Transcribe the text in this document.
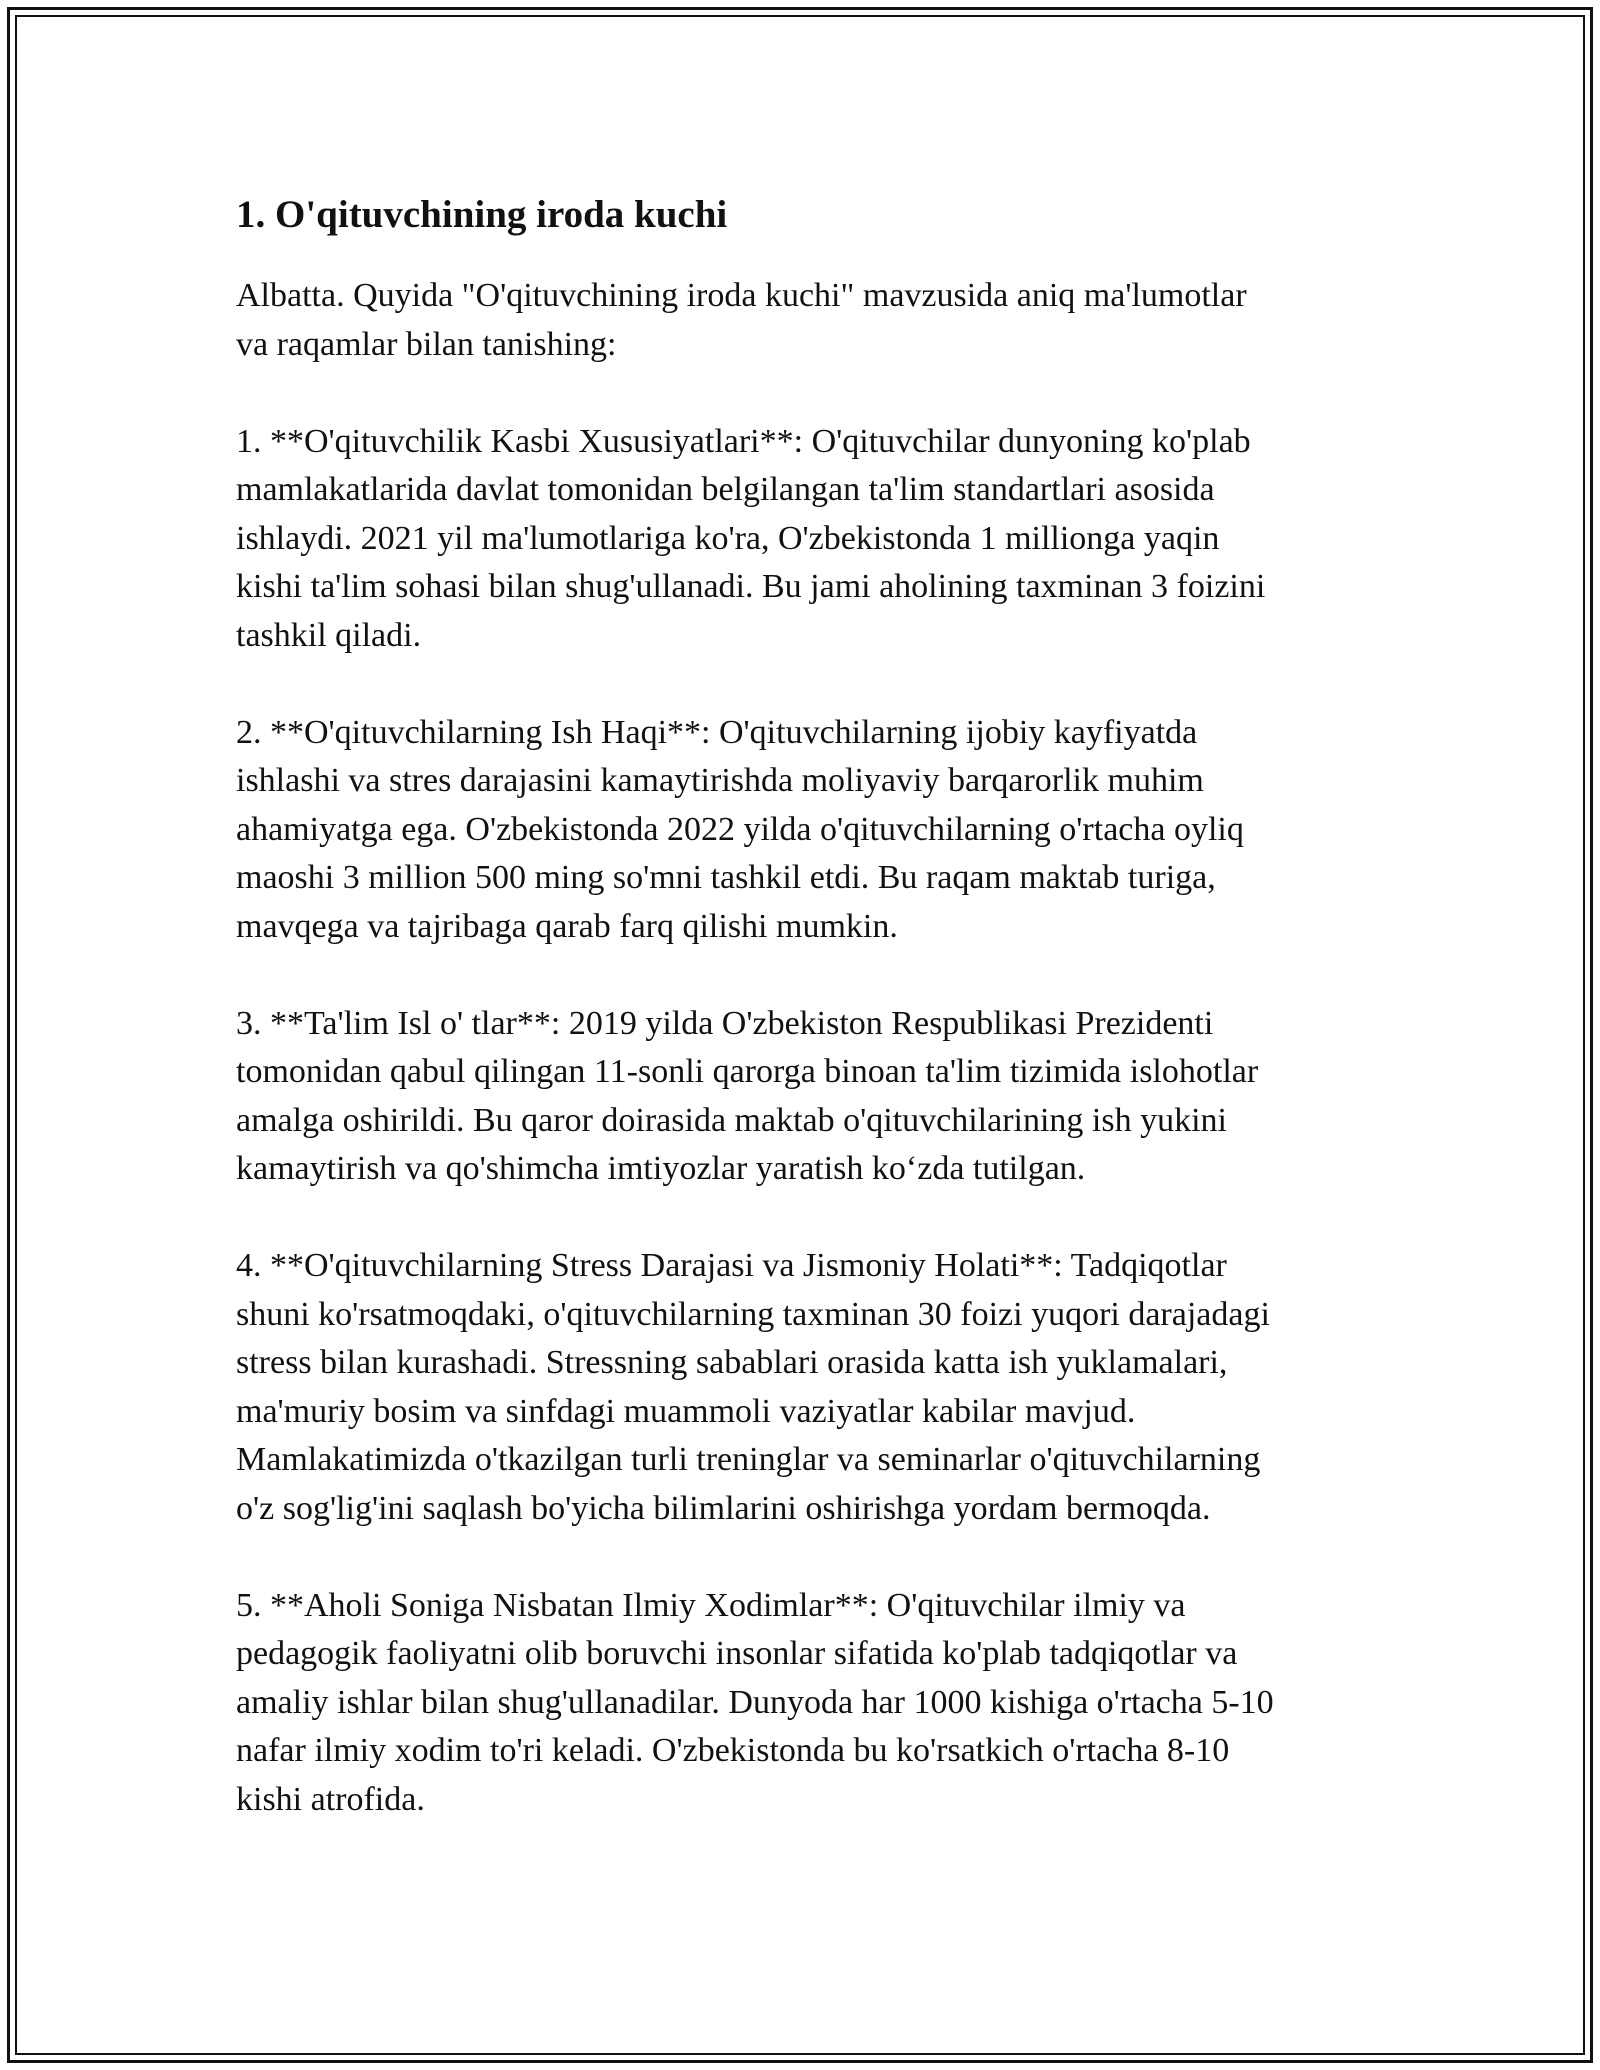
1. O'qituvchining iroda kuchi

Albatta. Quyida "O'qituvchining iroda kuchi" mavzusida aniq ma'lumotlar
va raqamlar bilan tanishing:

1. **O'qituvchilik Kasbi Xususiyatlari**: O'qituvchilar dunyoning ko'plab
mamlakatlarida davlat tomonidan belgilangan ta'lim standartlari asosida
ishlaydi. 2021 yil ma'lumotlariga ko'ra, O'zbekistonda 1 millionga yaqin
kishi ta'lim sohasi bilan shug'ullanadi. Bu jami aholining taxminan 3 foizini
tashkil qiladi.

2. **O'qituvchilarning Ish Haqi**: O'qituvchilarning ijobiy kayfiyatda
ishlashi va stres darajasini kamaytirishda moliyaviy barqarorlik muhim
ahamiyatga ega. O'zbekistonda 2022 yilda o'qituvchilarning o'rtacha oyliq
maoshi 3 million 500 ming so'mni tashkil etdi. Bu raqam maktab turiga,
mavqega va tajribaga qarab farq qilishi mumkin.

3. **Ta'lim Isl o' tlar**: 2019 yilda O'zbekiston Respublikasi Prezidenti
tomonidan qabul qilingan 11-sonli qarorga binoan ta'lim tizimida islohotlar
amalga oshirildi. Bu qaror doirasida maktab o'qituvchilarining ish yukini
kamaytirish va qo'shimcha imtiyozlar yaratish ko‘zda tutilgan.

4. **O'qituvchilarning Stress Darajasi va Jismoniy Holati**: Tadqiqotlar
shuni ko'rsatmoqdaki, o'qituvchilarning taxminan 30 foizi yuqori darajadagi
stress bilan kurashadi. Stressning sabablari orasida katta ish yuklamalari,
ma'muriy bosim va sinfdagi muammoli vaziyatlar kabilar mavjud.
Mamlakatimizda o'tkazilgan turli treninglar va seminarlar o'qituvchilarning
o'z sog'lig'ini saqlash bo'yicha bilimlarini oshirishga yordam bermoqda.

5. **Aholi Soniga Nisbatan Ilmiy Xodimlar**: O'qituvchilar ilmiy va
pedagogik faoliyatni olib boruvchi insonlar sifatida ko'plab tadqiqotlar va
amaliy ishlar bilan shug'ullanadilar. Dunyoda har 1000 kishiga o'rtacha 5-10
nafar ilmiy xodim to'ri keladi. O'zbekistonda bu ko'rsatkich o'rtacha 8-10
kishi atrofida.
